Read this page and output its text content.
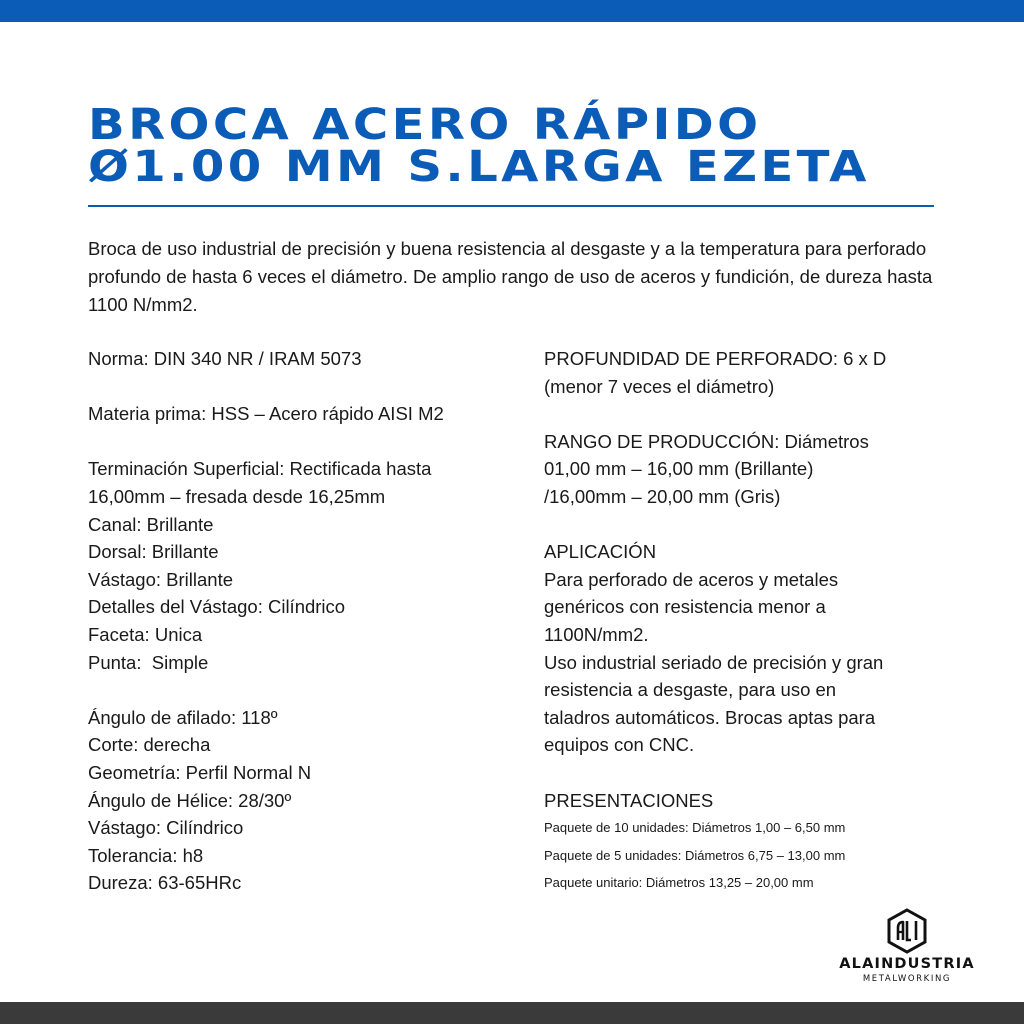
BROCA ACERO RÁPIDO
Ø1.00 MM S.LARGA EZETA

Broca de uso industrial de precisión y buena resistencia al desgaste y a la temperatura para perforado profundo de hasta 6 veces el diámetro. De amplio rango de uso de aceros y fundición, de dureza hasta 1100 N/mm2.

Norma: DIN 340 NR / IRAM 5073
Materia prima: HSS – Acero rápido AISI M2
Terminación Superficial: Rectificada hasta
16,00mm – fresada desde 16,25mm
Canal: Brillante
Dorsal: Brillante
Vástago: Brillante
Detalles del Vástago: Cilíndrico
Faceta: Unica
Punta:  Simple
Ángulo de afilado: 118º
Corte: derecha
Geometría: Perfil Normal N
Ángulo de Hélice: 28/30º
Vástago: Cilíndrico
Tolerancia: h8
Dureza: 63-65HRc
PROFUNDIDAD DE PERFORADO: 6 x D
(menor 7 veces el diámetro)
RANGO DE PRODUCCIÓN: Diámetros
01,00 mm – 16,00 mm (Brillante)
/16,00mm – 20,00 mm (Gris)
APLICACIÓN
Para perforado de aceros y metales
genéricos con resistencia menor a
1100N/mm2.
Uso industrial seriado de precisión y gran
resistencia a desgaste, para uso en
taladros automáticos. Brocas aptas para
equipos con CNC.
PRESENTACIONES
Paquete de 10 unidades: Diámetros 1,00 – 6,50 mm
Paquete de 5 unidades: Diámetros 6,75 – 13,00 mm
Paquete unitario: Diámetros 13,25 – 20,00 mm
ALAINDUSTRIA
METALWORKING
